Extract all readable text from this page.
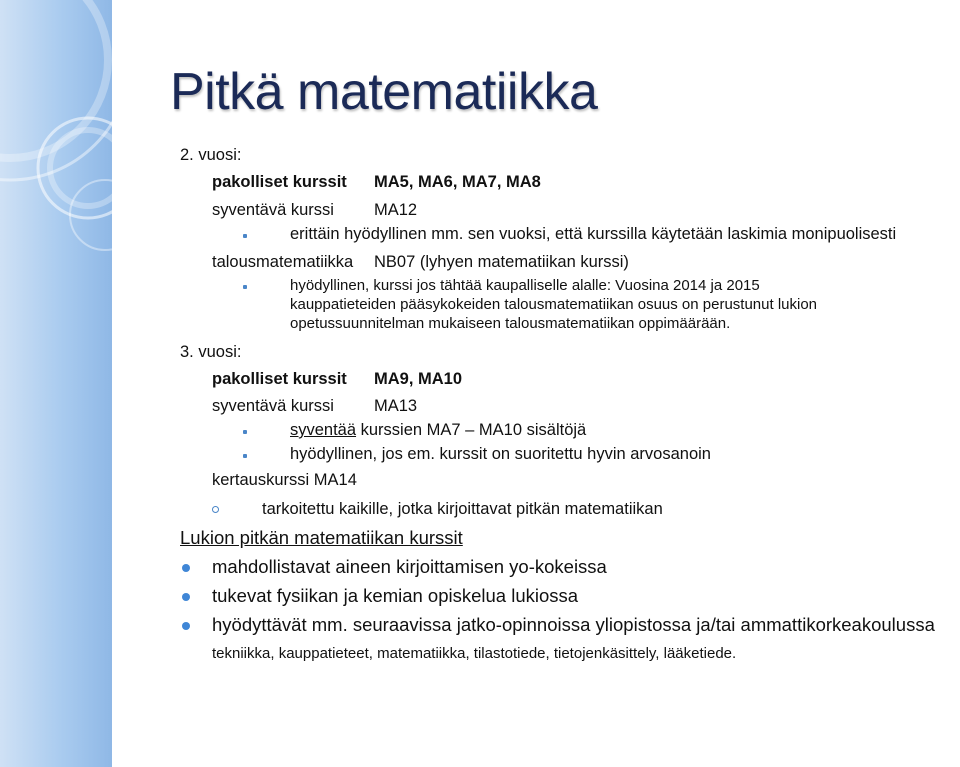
Pitkä matematiikka
2. vuosi:
pakolliset kurssit MA5, MA6, MA7, MA8
syventävä kurssi MA12
erittäin hyödyllinen mm. sen vuoksi, että kurssilla käytetään laskimia monipuolisesti
talousmatematiikka NB07 (lyhyen matematiikan kurssi)
hyödyllinen, kurssi jos tähtää kaupalliselle alalle: Vuosina 2014 ja 2015
kauppatieteiden pääsykokeiden talousmatematiikan osuus on perustunut lukion
opetussuunnitelman mukaiseen talousmatematiikan oppimäärään.
3. vuosi:
pakolliset kurssit MA9, MA10
syventävä kurssi MA13
syventää kurssien MA7 – MA10 sisältöjä
hyödyllinen, jos em. kurssit on suoritettu hyvin arvosanoin
kertauskurssi MA14
tarkoitettu kaikille, jotka kirjoittavat pitkän matematiikan
Lukion pitkän matematiikan kurssit
mahdollistavat aineen kirjoittamisen yo-kokeissa
tukevat fysiikan ja kemian opiskelua lukiossa
hyödyttävät mm. seuraavissa jatko-opinnoissa yliopistossa ja/tai ammattikorkeakoulussa
tekniikka, kauppatieteet, matematiikka, tilastotiede, tietojenkäsittely, lääketiede.
